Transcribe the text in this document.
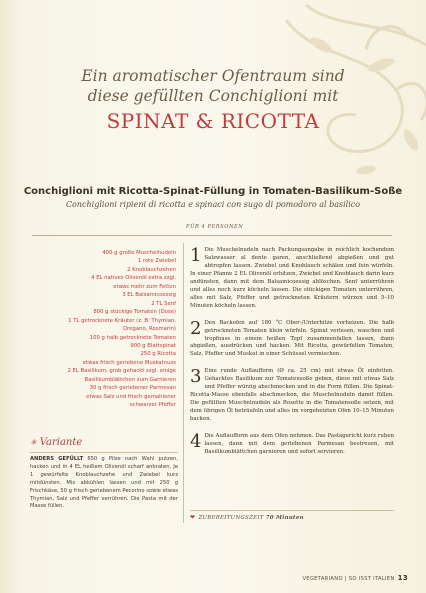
Ein aromatischer Ofentraum sind
diese gefüllten Conchiglioni mit
SPINAT & RICOTTA
Conchiglioni mit Ricotta-Spinat-Füllung in Tomaten-Basilikum-Soße
Conchiglioni ripieni di ricotta e spinaci con sugo di pomodoro al basilico
FÜR 4 PERSONEN
400 g große Muschelnudeln
1 rote Zwiebel
2 Knoblauchzehen
4 EL natives Olivenöl extra zzgl.
etwas mehr zum Fetten
3 EL Balsamicoessig
2 TL Senf
800 g stückige Tomaten (Dose)
1 TL getrocknete Kräuter (z. B. Thymian,
Oregano, Rosmarin)
100 g halb getrocknete Tomaten
900 g Blattspinat
250 g Ricotta
etwas frisch geriebene Muskatnuss
2 EL Basilikum, grob gehackt zzgl. einige
Basilikumblättchen zum Garnieren
30 g frisch geriebener Parmesan
etwas Salz und frisch gemahlener
schwarzer Pfeffer
✳ Variante
ANDERS GEFÜLLT 650 g Pilze nach Wahl putzen, hacken und in 4 EL heißem Olivenöl scharf anbraten. Je 1 gewürfelte Knoblauchzehe und Zwiebel kurz mitdünsten. Mix abkühlen lassen und mit 250 g Frischkäse, 50 g frisch geriebenem Pecorino sowie etwas Thymian, Salz und Pfeffer verrühren. Die Pasta mit der Masse füllen.
1 Die Muschelnudeln nach Packungsangabe in reichlich kochendem Salzwasser al dente garen, anschließend abgießen und gut abtropfen lassen. Zwiebel und Knoblauch schälen und fein würfeln. In einer Pfanne 2 EL Olivenöl erhitzen, Zwiebel und Knoblauch darin kurz andünsten, dann mit dem Balsamicoessig ablöschen. Senf unterrühren und alles noch kurz köcheln lassen. Die stückigen Tomaten unterrühren, alles mit Salz, Pfeffer und getrockneten Kräutern würzen und 5–10 Minuten köcheln lassen.
2 Den Backofen auf 180 °C Ober-/Unterhitze vorheizen. Die halb getrockneten Tomaten klein würfeln. Spinat verlesen, waschen und tropfnass in einem heißen Topf zusammenfallen lassen, dann abgießen, ausdrücken und hacken. Mit Ricotta, gewürfelten Tomaten, Salz, Pfeffer und Muskat in einer Schüssel vermischen.
3 Eine runde Auflaufform (Ø ca. 25 cm) mit etwas Öl einfetten. Gehacktes Basilikum zur Tomatensoße geben, diese mit etwas Salz und Pfeffer würzig abschmecken und in die Form füllen. Die Spinat-Ricotta-Masse ebenfalls abschmecken, die Muschelnudeln damit füllen. Die gefüllten Muschelnudeln als Rosette in die Tomatensoße setzen, mit dem übrigen Öl beträufeln und alles im vorgeheizten Ofen 10–15 Minuten backen.
4 Die Auflaufform aus dem Ofen nehmen. Das Pastagericht kurz ruhen lassen, dann mit dem geriebenen Parmesan bestreuen, mit Basilikumblättchen garnieren und sofort servieren.
❤ ZUBEREITUNGSZEIT 70 Minuten
VEGETARIANO | SO ISST ITALIEN 13
